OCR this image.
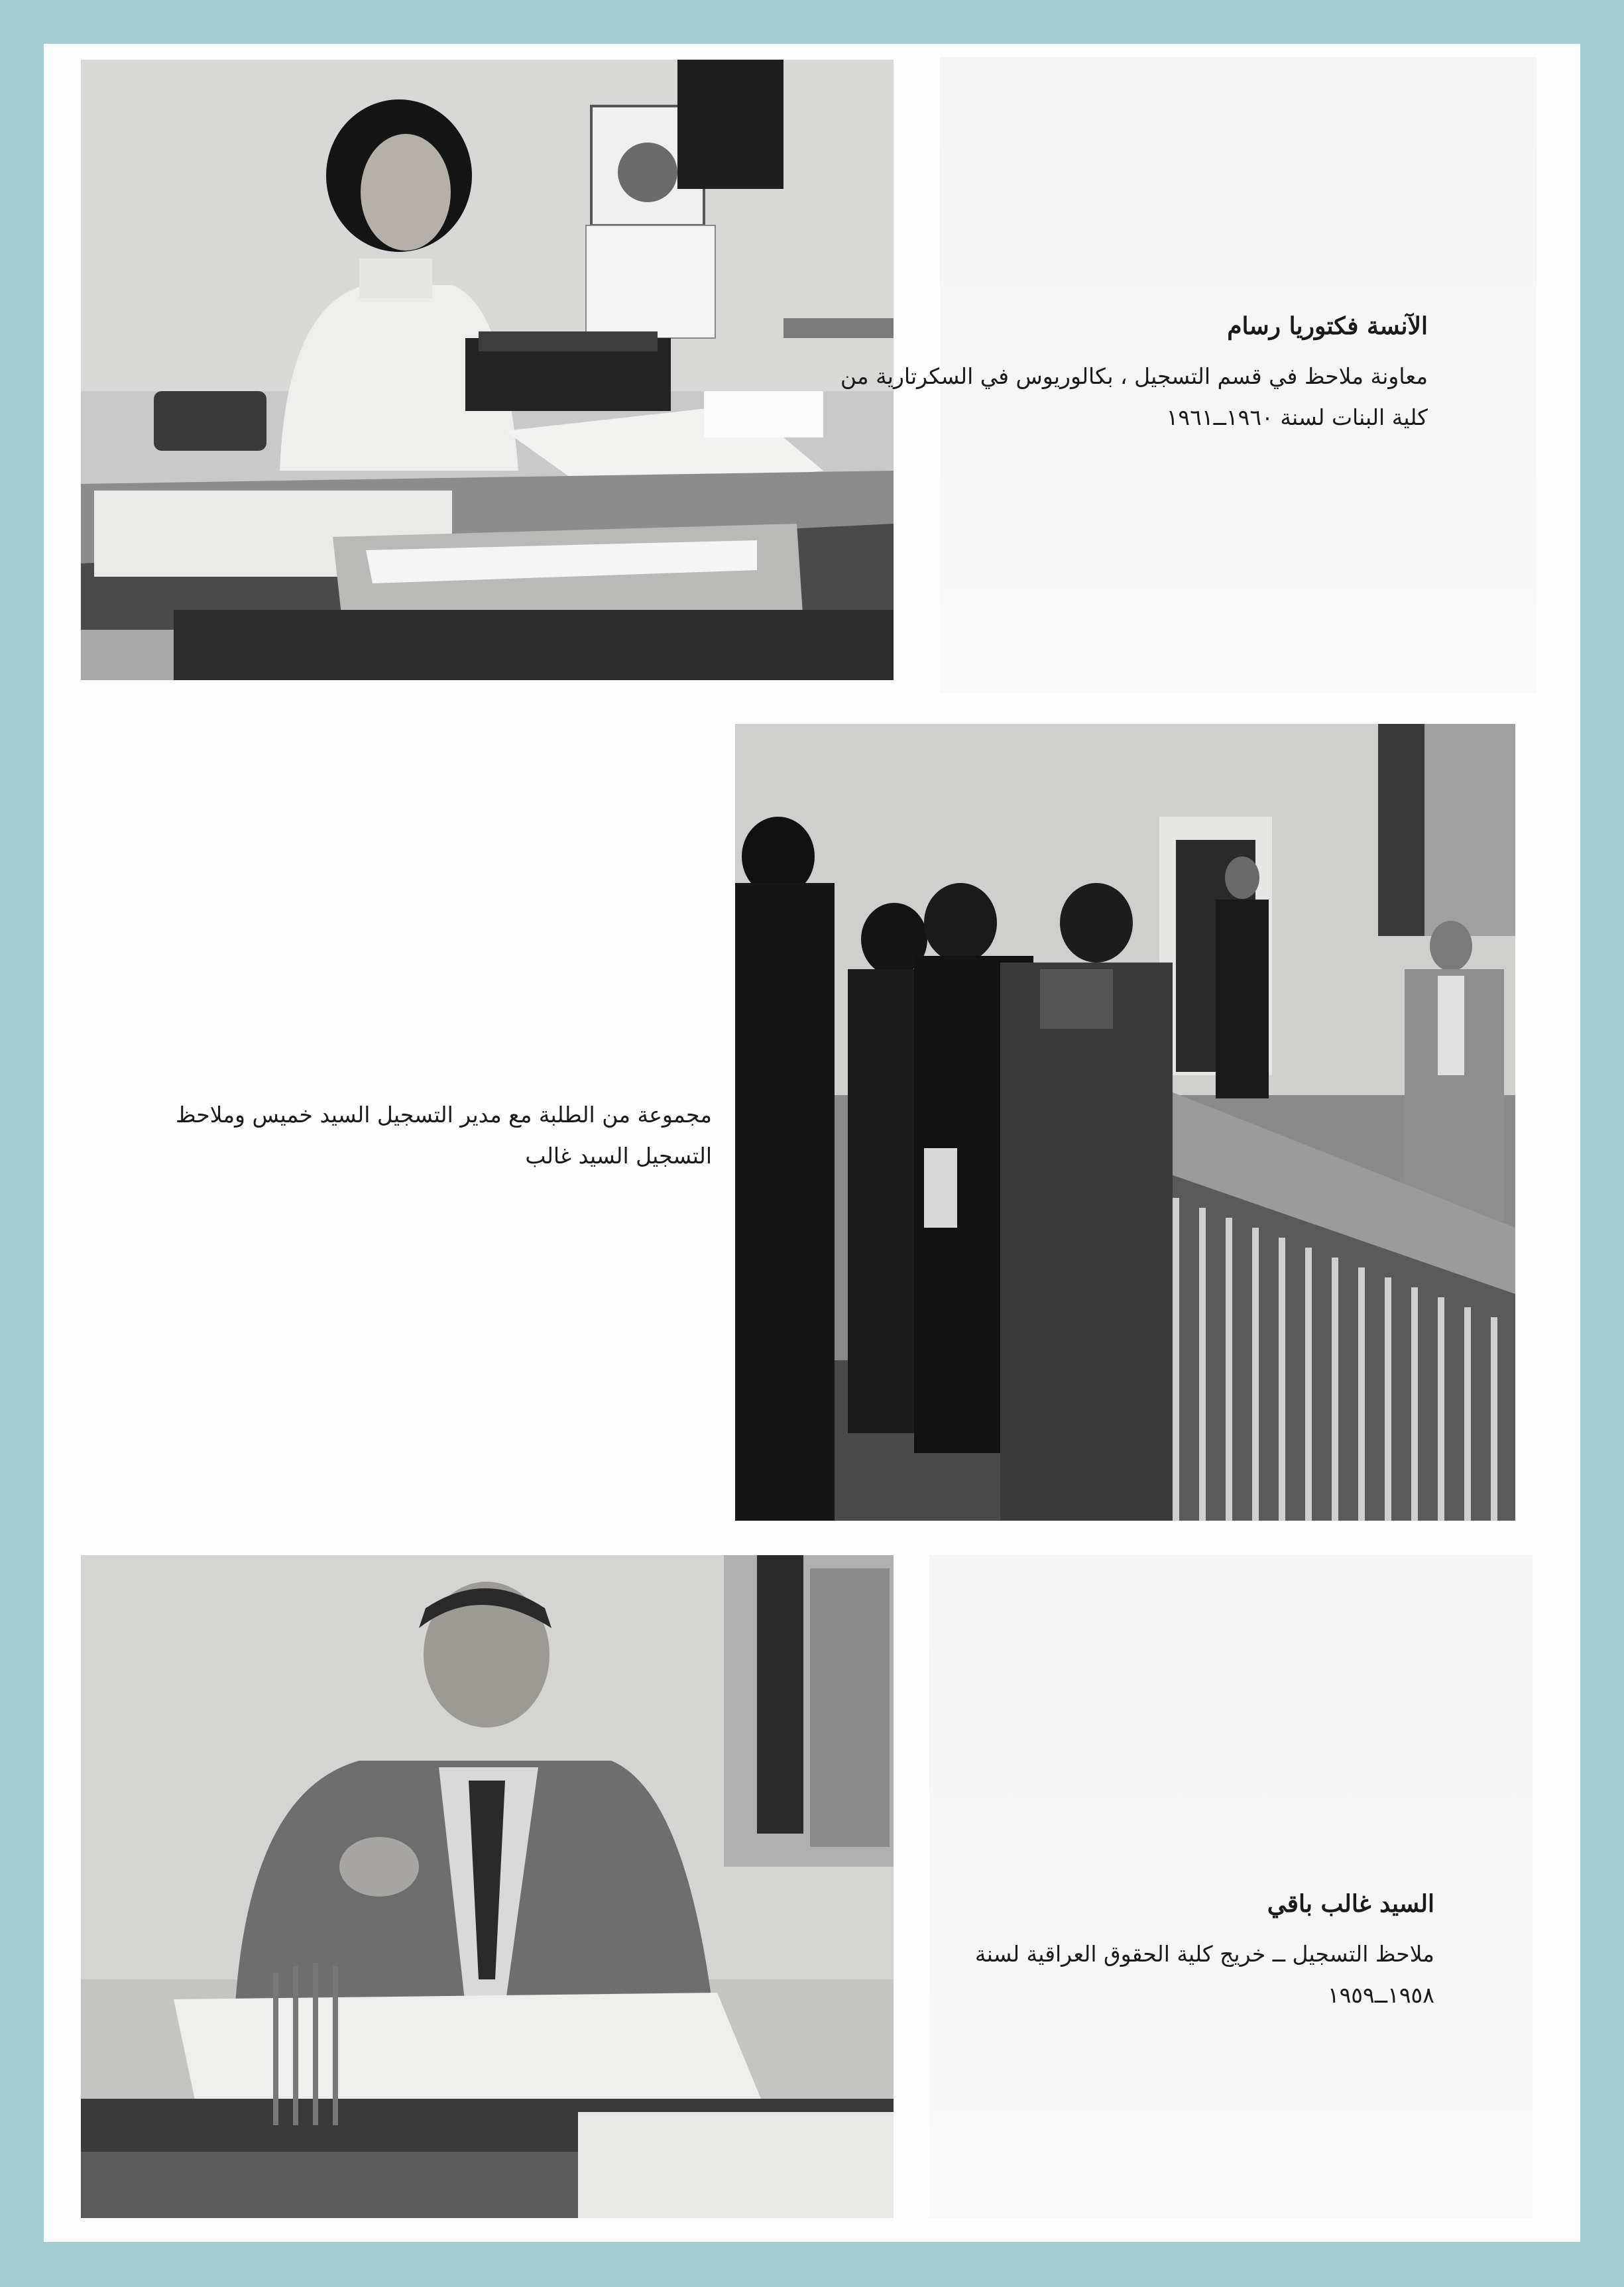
الآنسة فكتوريا رسام
معاونة ملاحظ في قسم التسجيل ، بكالوريوس في السكرتارية من
كلية البنات لسنة ١٩٦٠ــ١٩٦١
مجموعة من الطلبة مع مدير التسجيل السيد خميس وملاحظ
التسجيل السيد غالب
السيد غالب باقي
ملاحظ التسجيل ــ خريج كلية الحقوق العراقية لسنة
١٩٥٨ــ١٩٥٩
